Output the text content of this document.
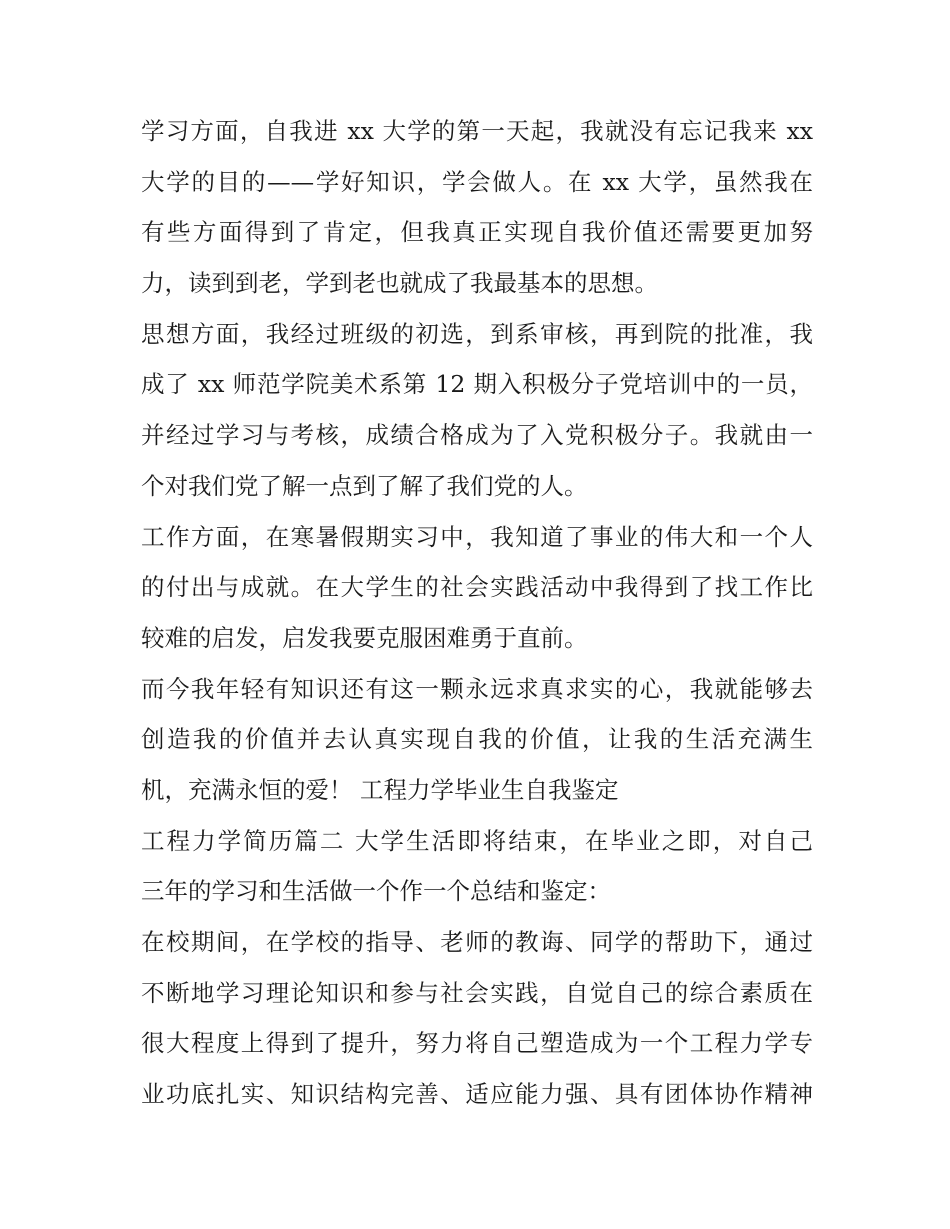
学习方面，自我进 xx 大学的第一天起，我就没有忘记我来 xx
大学的目的——学好知识，学会做人。在 xx 大学，虽然我在
有些方面得到了肯定，但我真正实现自我价值还需要更加努
力，读到到老，学到老也就成了我最基本的思想。
思想方面，我经过班级的初选，到系审核，再到院的批准，我
成了 xx 师范学院美术系第 12 期入积极分子党培训中的一员，
并经过学习与考核，成绩合格成为了入党积极分子。我就由一
个对我们党了解一点到了解了我们党的人。
工作方面，在寒暑假期实习中，我知道了事业的伟大和一个人
的付出与成就。在大学生的社会实践活动中我得到了找工作比
较难的启发，启发我要克服困难勇于直前。
而今我年轻有知识还有这一颗永远求真求实的心，我就能够去
创造我的价值并去认真实现自我的价值，让我的生活充满生
机，充满永恒的爱！ 工程力学毕业生自我鉴定
工程力学简历篇二 大学生活即将结束，在毕业之即，对自己
三年的学习和生活做一个作一个总结和鉴定：
在校期间，在学校的指导、老师的教诲、同学的帮助下，通过
不断地学习理论知识和参与社会实践，自觉自己的综合素质在
很大程度上得到了提升，努力将自己塑造成为一个工程力学专
业功底扎实、知识结构完善、适应能力强、具有团体协作精神
